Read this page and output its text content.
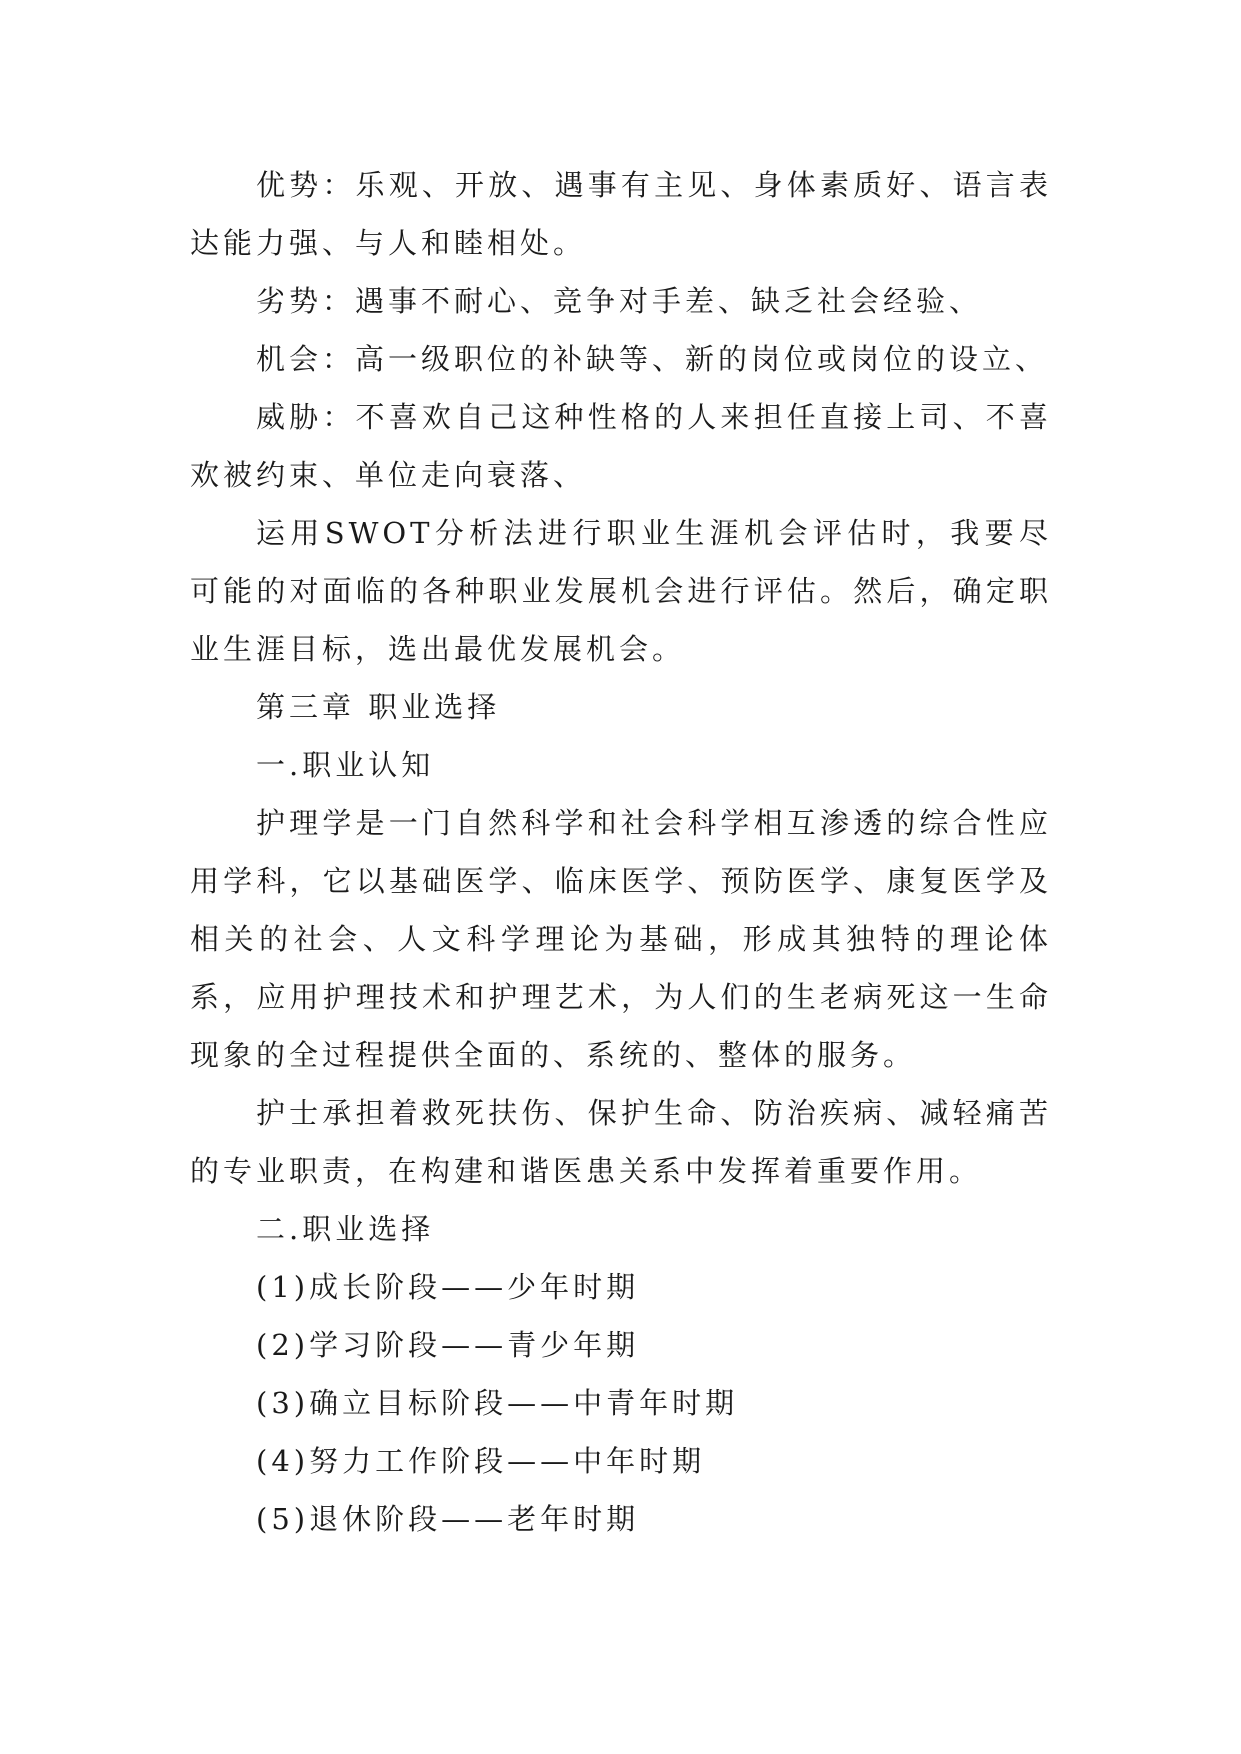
优势：乐观、开放、遇事有主见、身体素质好、语言表达能力强、与人和睦相处。

劣势：遇事不耐心、竞争对手差、缺乏社会经验、

机会：高一级职位的补缺等、新的岗位或岗位的设立、

威胁：不喜欢自己这种性格的人来担任直接上司、不喜欢被约束、单位走向衰落、

运用SWOT分析法进行职业生涯机会评估时，我要尽可能的对面临的各种职业发展机会进行评估。然后，确定职业生涯目标，选出最优发展机会。

第三章 职业选择

一.职业认知

护理学是一门自然科学和社会科学相互渗透的综合性应用学科，它以基础医学、临床医学、预防医学、康复医学及相关的社会、人文科学理论为基础，形成其独特的理论体系，应用护理技术和护理艺术，为人们的生老病死这一生命现象的全过程提供全面的、系统的、整体的服务。

护士承担着救死扶伤、保护生命、防治疾病、减轻痛苦的专业职责，在构建和谐医患关系中发挥着重要作用。

二.职业选择

(1)成长阶段——少年时期

(2)学习阶段——青少年期

(3)确立目标阶段——中青年时期

(4)努力工作阶段——中年时期

(5)退休阶段——老年时期
